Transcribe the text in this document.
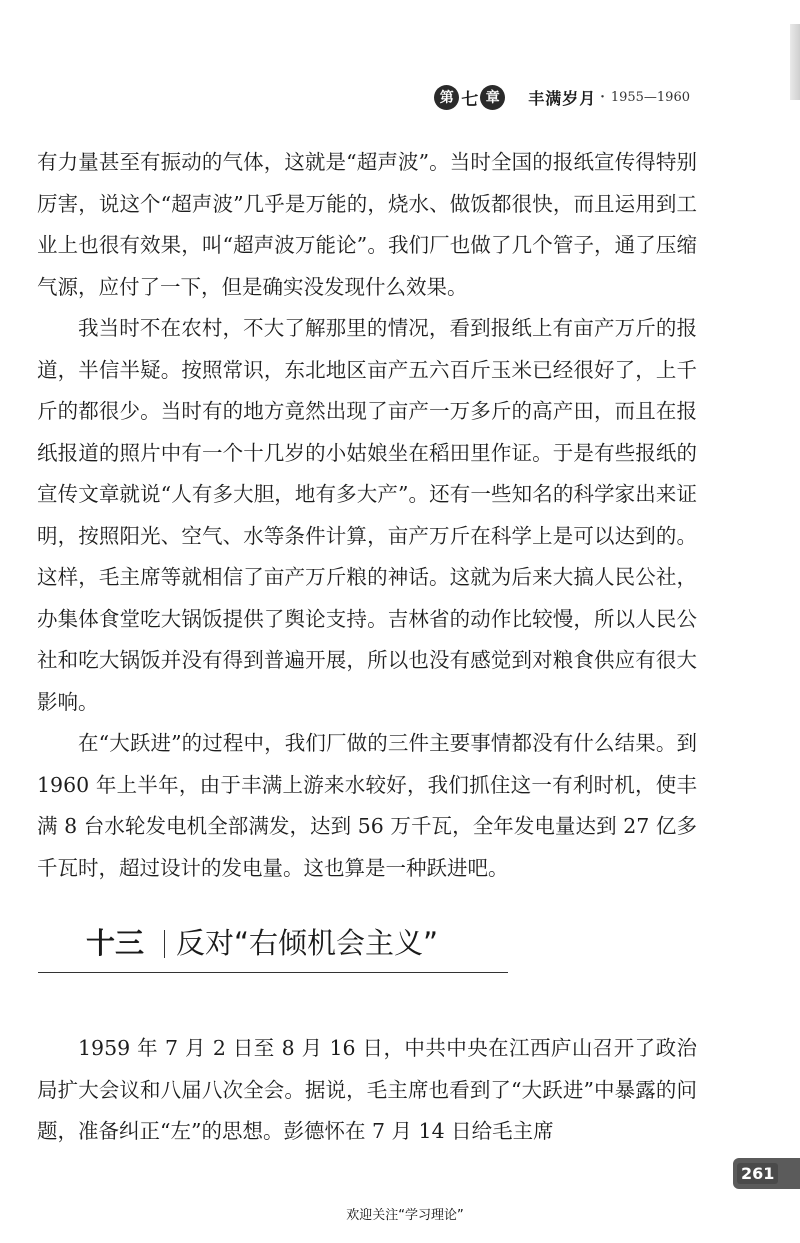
第 七 章	丰满岁月 · 1955—1960

有力量甚至有振动的气体，这就是“超声波”。当时全国的报纸宣传得特别厉害，说这个“超声波”几乎是万能的，烧水、做饭都很快，而且运用到工业上也很有效果，叫“超声波万能论”。我们厂也做了几个管子，通了压缩气源，应付了一下，但是确实没发现什么效果。

我当时不在农村，不大了解那里的情况，看到报纸上有亩产万斤的报道，半信半疑。按照常识，东北地区亩产五六百斤玉米已经很好了，上千斤的都很少。当时有的地方竟然出现了亩产一万多斤的高产田，而且在报纸报道的照片中有一个十几岁的小姑娘坐在稻田里作证。于是有些报纸的宣传文章就说“人有多大胆，地有多大产”。还有一些知名的科学家出来证明，按照阳光、空气、水等条件计算，亩产万斤在科学上是可以达到的。这样，毛主席等就相信了亩产万斤粮的神话。这就为后来大搞人民公社，办集体食堂吃大锅饭提供了舆论支持。吉林省的动作比较慢，所以人民公社和吃大锅饭并没有得到普遍开展，所以也没有感觉到对粮食供应有很大影响。

在“大跃进”的过程中，我们厂做的三件主要事情都没有什么结果。到 1960 年上半年，由于丰满上游来水较好，我们抓住这一有利时机，使丰满 8 台水轮发电机全部满发，达到 56 万千瓦，全年发电量达到 27 亿多千瓦时，超过设计的发电量。这也算是一种跃进吧。

十三 反对“右倾机会主义”

1959 年 7 月 2 日至 8 月 16 日，中共中央在江西庐山召开了政治局扩大会议和八届八次全会。据说，毛主席也看到了“大跃进”中暴露的问题，准备纠正“左”的思想。彭德怀在 7 月 14 日给毛主席

261
欢迎关注“学习理论”
